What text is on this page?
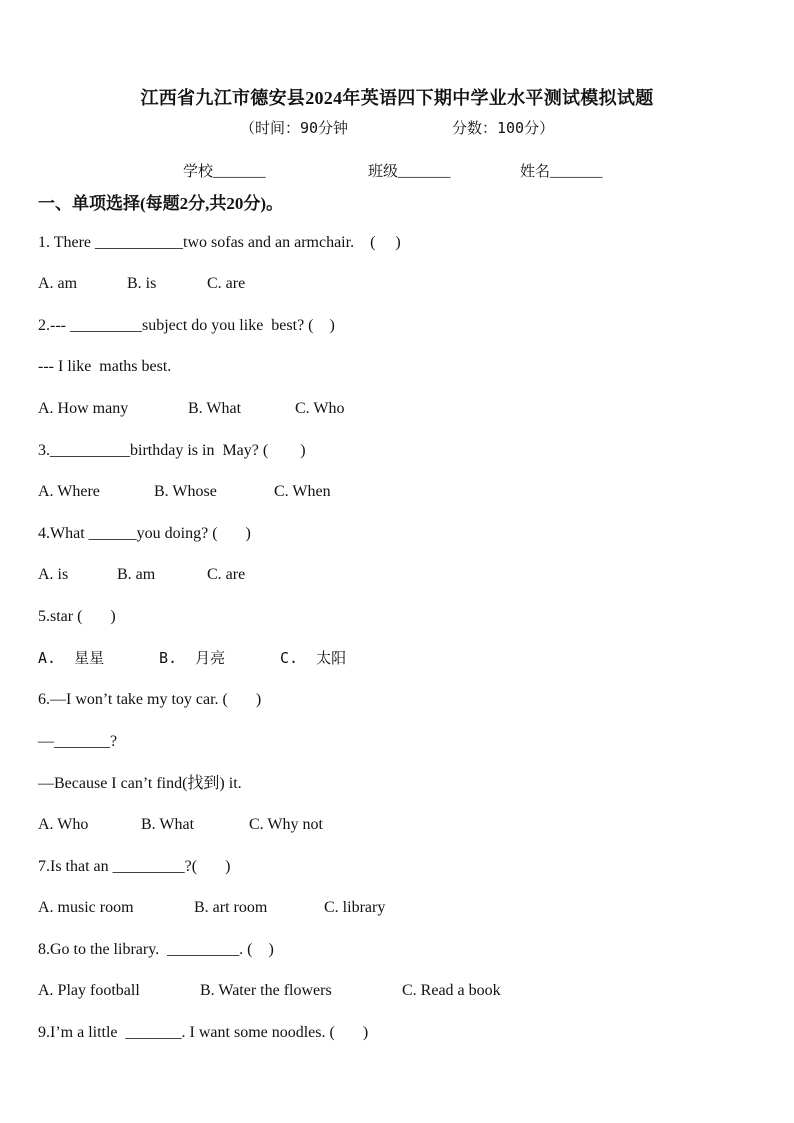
江西省九江市德安县2024年英语四下期中学业水平测试模拟试题
（时间：90分钟	分数：100分）
学校_______	班级_______	姓名_______
一、单项选择(每题2分,共20分)。
1. There ___________two sofas and an armchair.    (     )

A. am

	B. is

	C. are

2.--- _________subject do you like  best? (    )
--- I like  maths best.

A. How many

	B. What

	C. Who

3.__________birthday is in  May? (        )

A. Where

	B. Whose

	C. When

4.What ______you doing? (       )

A. is

	B. am

	C. are

5.star (       )

A.  星星

	B.  月亮

	C.  太阳

6.—I won’t take my toy car. (       )
—_______?
—Because I can’t find(找到) it.

A. Who

	B. What

	C. Why not

7.Is that an _________?(       )

A. music room

	B. art room

	C. library

8.Go to the library.  _________. (    )

A. Play football

	B. Water the flowers

	C. Read a book

9.I’m a little  _______. I want some noodles. (       )
